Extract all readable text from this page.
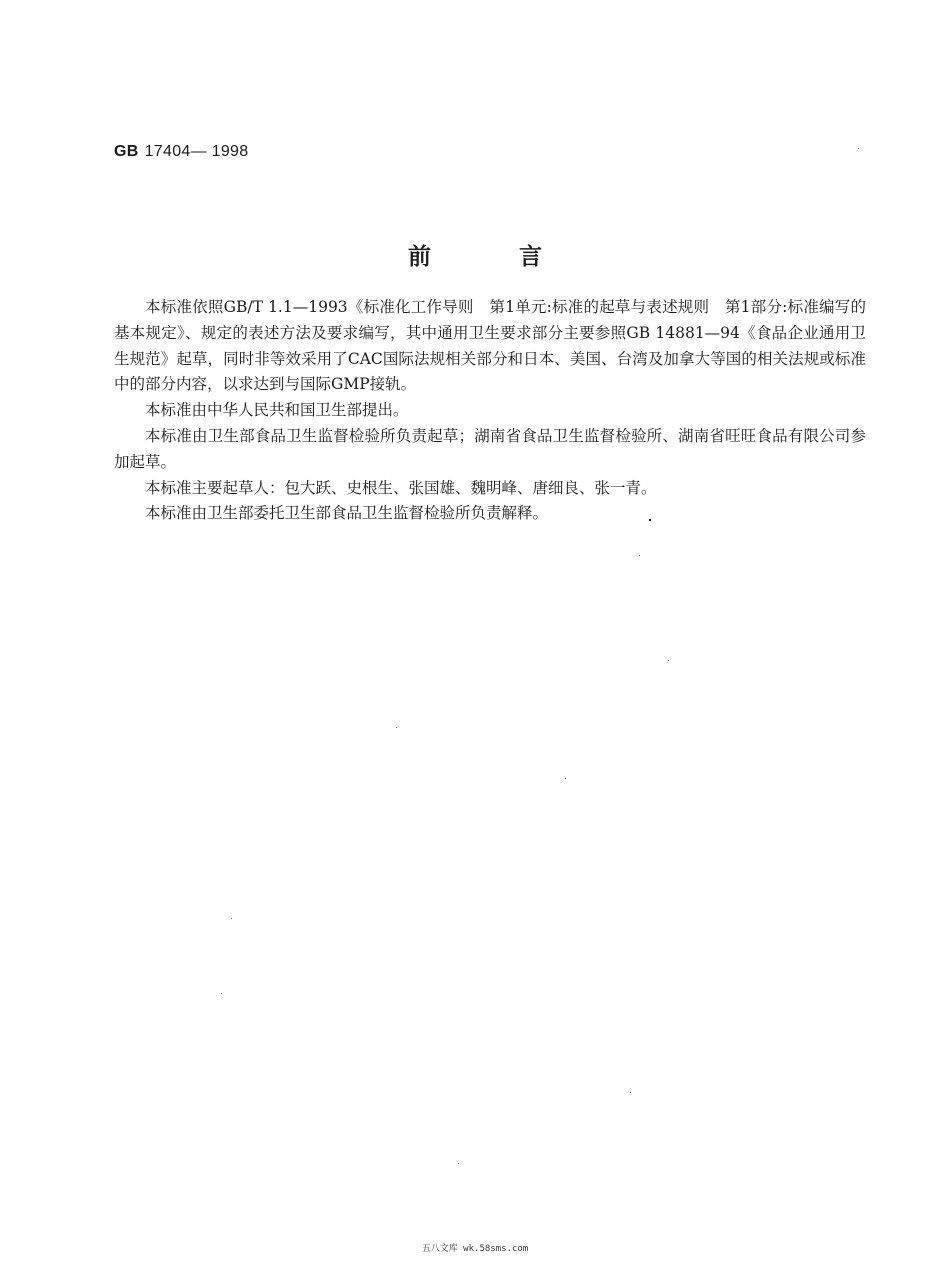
GB 17404— 1998
前言

本标准依照GB/T 1.1—1993《标准化工作导则　第1单元:标准的起草与表述规则　第1部分:标准编写的基本规定》、规定的表述方法及要求编写，其中通用卫生要求部分主要参照GB 14881—94《食品企业通用卫生规范》起草，同时非等效采用了CAC国际法规相关部分和日本、美国、台湾及加拿大等国的相关法规或标准中的部分内容，以求达到与国际GMP接轨。

本标准由中华人民共和国卫生部提出。

本标准由卫生部食品卫生监督检验所负责起草；湖南省食品卫生监督检验所、湖南省旺旺食品有限公司参加起草。

本标准主要起草人：包大跃、史根生、张国雄、魏明峰、唐细良、张一青。

本标准由卫生部委托卫生部食品卫生监督检验所负责解释。

五八文库 wk.58sms.com
